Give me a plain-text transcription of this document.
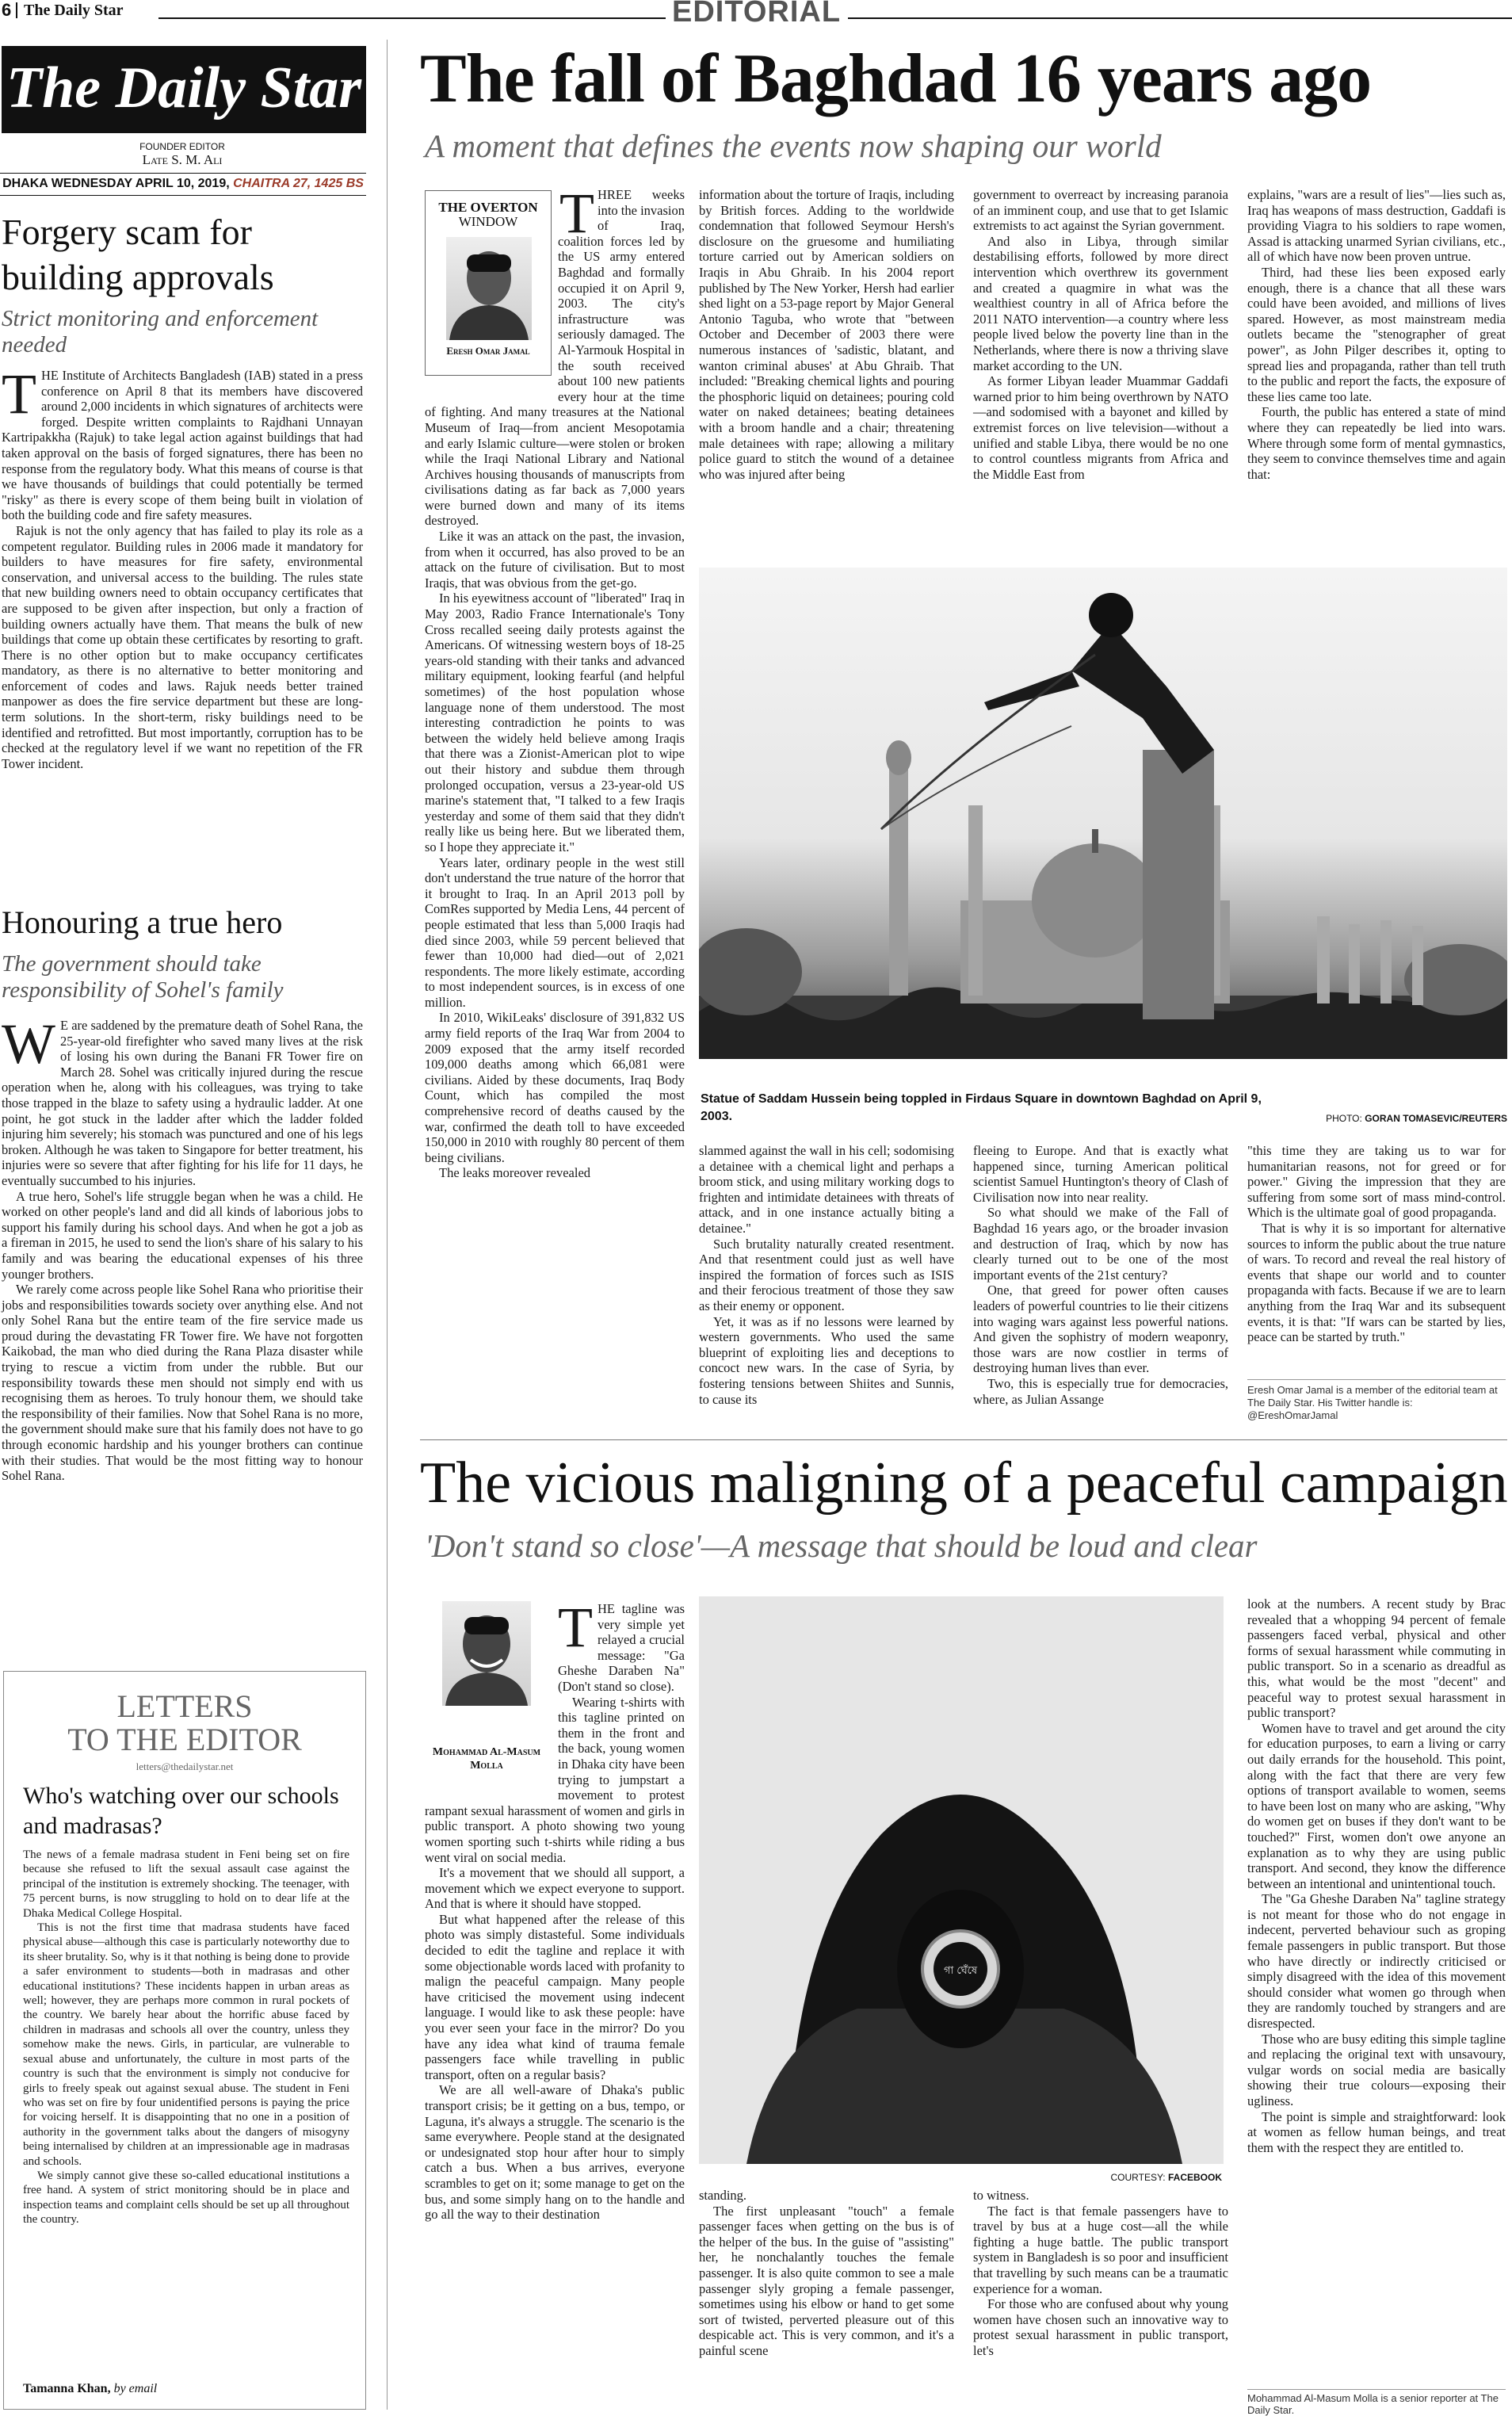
6 The Daily Star	EDITORIAL
The Daily Star
FOUNDER EDITOR
Late S. M. Ali
DHAKA WEDNESDAY APRIL 10, 2019, CHAITRA 27, 1425 BS
Forgery scam for building approvals
Strict monitoring and enforcement needed
T HE Institute of Architects Bangladesh (IAB) stated in a press conference on April 8 that its members have discovered around 2,000 incidents in which signatures of architects were forged. Despite written complaints to Rajdhani Unnayan Kartripakkha (Rajuk) to take legal action against buildings that had taken approval on the basis of forged signatures, there has been no response from the regulatory body. What this means of course is that we have thousands of buildings that could potentially be termed "risky" as there is every scope of them being built in violation of both the building code and fire safety measures.

Rajuk is not the only agency that has failed to play its role as a competent regulator. Building rules in 2006 made it mandatory for builders to have measures for fire safety, environmental conservation, and universal access to the building. The rules state that new building owners need to obtain occupancy certificates that are supposed to be given after inspection, but only a fraction of building owners actually have them. That means the bulk of new buildings that come up obtain these certificates by resorting to graft. There is no other option but to make occupancy certificates mandatory, as there is no alternative to better monitoring and enforcement of codes and laws. Rajuk needs better trained manpower as does the fire service department but these are long-term solutions. In the short-term, risky buildings need to be identified and retrofitted. But most importantly, corruption has to be checked at the regulatory level if we want no repetition of the FR Tower incident.

Honouring a true hero
The government should take responsibility of Sohel's family
W E are saddened by the premature death of Sohel Rana, the 25-year-old firefighter who saved many lives at the risk of losing his own during the Banani FR Tower fire on March 28. Sohel was critically injured during the rescue operation when he, along with his colleagues, was trying to take those trapped in the blaze to safety using a hydraulic ladder. At one point, he got stuck in the ladder after which the ladder folded injuring him severely; his stomach was punctured and one of his legs broken. Although he was taken to Singapore for better treatment, his injuries were so severe that after fighting for his life for 11 days, he eventually succumbed to his injuries.

A true hero, Sohel's life struggle began when he was a child. He worked on other people's land and did all kinds of laborious jobs to support his family during his school days. And when he got a job as a fireman in 2015, he used to send the lion's share of his salary to his family and was bearing the educational expenses of his three younger brothers.

We rarely come across people like Sohel Rana who prioritise their jobs and responsibilities towards society over anything else. And not only Sohel Rana but the entire team of the fire service made us proud during the devastating FR Tower fire. We have not forgotten Kaikobad, the man who died during the Rana Plaza disaster while trying to rescue a victim from under the rubble. But our responsibility towards these men should not simply end with us recognising them as heroes. To truly honour them, we should take the responsibility of their families. Now that Sohel Rana is no more, the government should make sure that his family does not have to go through economic hardship and his younger brothers can continue with their studies. That would be the most fitting way to honour Sohel Rana.

LETTERS
TO THE EDITOR
letters@thedailystar.net
Who's watching over our schools and madrasas?

The news of a female madrasa student in Feni being set on fire because she refused to lift the sexual assault case against the principal of the institution is extremely shocking. The teenager, with 75 percent burns, is now struggling to hold on to dear life at the Dhaka Medical College Hospital.

This is not the first time that madrasa students have faced physical abuse—although this case is particularly noteworthy due to its sheer brutality. So, why is it that nothing is being done to provide a safer environment to students—both in madrasas and other educational institutions? These incidents happen in urban areas as well; however, they are perhaps more common in rural pockets of the country. We barely hear about the horrific abuse faced by children in madrasas and schools all over the country, unless they somehow make the news. Girls, in particular, are vulnerable to sexual abuse and unfortunately, the culture in most parts of the country is such that the environment is simply not conducive for girls to freely speak out against sexual abuse. The student in Feni who was set on fire by four unidentified persons is paying the price for voicing herself. It is disappointing that no one in a position of authority in the government talks about the dangers of misogyny being internalised by children at an impressionable age in madrasas and schools.

We simply cannot give these so-called educational institutions a free hand. A system of strict monitoring should be in place and inspection teams and complaint cells should be set up all throughout the country.

Tamanna Khan, by email
The fall of Baghdad 16 years ago
A moment that defines the events now shaping our world
THE OVERTON
WINDOW
Eresh Omar Jamal
T HREE weeks into the invasion of Iraq, coalition forces led by the US army entered Baghdad and formally occupied it on April 9, 2003. The city's infrastructure was seriously damaged. The Al-Yarmouk Hospital in the south received about 100 new patients every hour at the time of fighting. And many treasures at the National Museum of Iraq—from ancient Mesopotamia and early Islamic culture—were stolen or broken while the Iraqi National Library and National Archives housing thousands of manuscripts from civilisations dating as far back as 7,000 years were burned down and many of its items destroyed.

Like it was an attack on the past, the invasion, from when it occurred, has also proved to be an attack on the future of civilisation. But to most Iraqis, that was obvious from the get-go.

In his eyewitness account of "liberated" Iraq in May 2003, Radio France Internationale's Tony Cross recalled seeing daily protests against the Americans. Of witnessing western boys of 18-25 years-old standing with their tanks and advanced military equipment, looking fearful (and helpful sometimes) of the host population whose language none of them understood. The most interesting contradiction he points to was between the widely held believe among Iraqis that there was a Zionist-American plot to wipe out their history and subdue them through prolonged occupation, versus a 23-year-old US marine's statement that, "I talked to a few Iraqis yesterday and some of them said that they didn't really like us being here. But we liberated them, so I hope they appreciate it."

Years later, ordinary people in the west still don't understand the true nature of the horror that it brought to Iraq. In an April 2013 poll by ComRes supported by Media Lens, 44 percent of people estimated that less than 5,000 Iraqis had died since 2003, while 59 percent believed that fewer than 10,000 had died—out of 2,021 respondents. The more likely estimate, according to most independent sources, is in excess of one million.

In 2010, WikiLeaks' disclosure of 391,832 US army field reports of the Iraq War from 2004 to 2009 exposed that the army itself recorded 109,000 deaths among which 66,081 were civilians. Aided by these documents, Iraq Body Count, which has compiled the most comprehensive record of deaths caused by the war, confirmed the death toll to have exceeded 150,000 in 2010 with roughly 80 percent of them being civilians.

The leaks moreover revealed

information about the torture of Iraqis, including by British forces. Adding to the worldwide condemnation that followed Seymour Hersh's disclosure on the gruesome and humiliating torture carried out by American soldiers on Iraqis in Abu Ghraib. In his 2004 report published by The New Yorker, Hersh had earlier shed light on a 53-page report by Major General Antonio Taguba, who wrote that "between October and December of 2003 there were numerous instances of 'sadistic, blatant, and wanton criminal abuses' at Abu Ghraib. That included: "Breaking chemical lights and pouring the phosphoric liquid on detainees; pouring cold water on naked detainees; beating detainees with a broom handle and a chair; threatening male detainees with rape; allowing a military police guard to stitch the wound of a detainee who was injured after being

government to overreact by increasing paranoia of an imminent coup, and use that to get Islamic extremists to act against the Syrian government.

And also in Libya, through similar destabilising efforts, followed by more direct intervention which overthrew its government and created a quagmire in what was the wealthiest country in all of Africa before the 2011 NATO intervention—a country where less people lived below the poverty line than in the Netherlands, where there is now a thriving slave market according to the UN.

As former Libyan leader Muammar Gaddafi warned prior to him being overthrown by NATO—and sodomised with a bayonet and killed by extremist forces on live television—without a unified and stable Libya, there would be no one to control countless migrants from Africa and the Middle East from

explains, "wars are a result of lies"—lies such as, Iraq has weapons of mass destruction, Gaddafi is providing Viagra to his soldiers to rape women, Assad is attacking unarmed Syrian civilians, etc., all of which have now been proven untrue.

Third, had these lies been exposed early enough, there is a chance that all these wars could have been avoided, and millions of lives spared. However, as most mainstream media outlets became the "stenographer of great power", as John Pilger describes it, opting to spread lies and propaganda, rather than tell truth to the public and report the facts, the exposure of these lies came too late.

Fourth, the public has entered a state of mind where they can repeatedly be lied into wars. Where through some form of mental gymnastics, they seem to convince themselves time and again that:

Statue of Saddam Hussein being toppled in Firdaus Square in downtown Baghdad on April 9, 2003.	PHOTO: GORAN TOMASEVIC/REUTERS

slammed against the wall in his cell; sodomising a detainee with a chemical light and perhaps a broom stick, and using military working dogs to frighten and intimidate detainees with threats of attack, and in one instance actually biting a detainee."

Such brutality naturally created resentment. And that resentment could just as well have inspired the formation of forces such as ISIS and their ferocious treatment of those they saw as their enemy or opponent.

Yet, it was as if no lessons were learned by western governments. Who used the same blueprint of exploiting lies and deceptions to concoct new wars. In the case of Syria, by fostering tensions between Shiites and Sunnis, to cause its

fleeing to Europe. And that is exactly what happened since, turning American political scientist Samuel Huntington's theory of Clash of Civilisation now into near reality.

So what should we make of the Fall of Baghdad 16 years ago, or the broader invasion and destruction of Iraq, which by now has clearly turned out to be one of the most important events of the 21st century?

One, that greed for power often causes leaders of powerful countries to lie their citizens into waging wars against less powerful nations. And given the sophistry of modern weaponry, those wars are now costlier in terms of destroying human lives than ever.

Two, this is especially true for democracies, where, as Julian Assange

"this time they are taking us to war for humanitarian reasons, not for greed or for power." Giving the impression that they are suffering from some sort of mass mind-control. Which is the ultimate goal of good propaganda.

That is why it is so important for alternative sources to inform the public about the true nature of wars. To record and reveal the real history of events that shape our world and to counter propaganda with facts. Because if we are to learn anything from the Iraq War and its subsequent events, it is that: "If wars can be started by lies, peace can be started by truth."

Eresh Omar Jamal is a member of the editorial team at The Daily Star. His Twitter handle is: @EreshOmarJamal
The vicious maligning of a peaceful campaign
'Don't stand so close'—A message that should be loud and clear
Mohammad Al-Masum Molla
T HE tagline was very simple yet relayed a crucial message: "Ga Gheshe Daraben Na" (Don't stand so close).

Wearing t-shirts with this tagline printed on them in the front and the back, young women in Dhaka city have been trying to jumpstart a movement to protest rampant sexual harassment of women and girls in public transport. A photo showing two young women sporting such t-shirts while riding a bus went viral on social media.

It's a movement that we should all support, a movement which we expect everyone to support. And that is where it should have stopped.

But what happened after the release of this photo was simply distasteful. Some individuals decided to edit the tagline and replace it with some objectionable words laced with profanity to malign the peaceful campaign. Many people have criticised the movement using indecent language. I would like to ask these people: have you ever seen your face in the mirror? Do you have any idea what kind of trauma female passengers face while travelling in public transport, often on a regular basis?

We are all well-aware of Dhaka's public transport crisis; be it getting on a bus, tempo, or Laguna, it's always a struggle. The scenario is the same everywhere. People stand at the designated or undesignated stop hour after hour to simply catch a bus. When a bus arrives, everyone scrambles to get on it; some manage to get on the bus, and some simply hang on to the handle and go all the way to their destination

গা ঘেঁষে
COURTESY: FACEBOOK

standing.

The first unpleasant "touch" a female passenger faces when getting on the bus is of the helper of the bus. In the guise of "assisting" her, he nonchalantly touches the female passenger. It is also quite common to see a male passenger slyly groping a female passenger, sometimes using his elbow or hand to get some sort of twisted, perverted pleasure out of this despicable act. This is very common, and it's a painful scene

to witness.

The fact is that female passengers have to travel by bus at a huge cost—all the while fighting a huge battle. The public transport system in Bangladesh is so poor and insufficient that travelling by such means can be a traumatic experience for a woman.

For those who are confused about why young women have chosen such an innovative way to protest sexual harassment in public transport, let's

look at the numbers. A recent study by Brac revealed that a whopping 94 percent of female passengers faced verbal, physical and other forms of sexual harassment while commuting in public transport. So in a scenario as dreadful as this, what would be the most "decent" and peaceful way to protest sexual harassment in public transport?

Women have to travel and get around the city for education purposes, to earn a living or carry out daily errands for the household. This point, along with the fact that there are very few options of transport available to women, seems to have been lost on many who are asking, "Why do women get on buses if they don't want to be touched?" First, women don't owe anyone an explanation as to why they are using public transport. And second, they know the difference between an intentional and unintentional touch.

The "Ga Gheshe Daraben Na" tagline strategy is not meant for those who do not engage in indecent, perverted behaviour such as groping female passengers in public transport. But those who have directly or indirectly criticised or simply disagreed with the idea of this movement should consider what women go through when they are randomly touched by strangers and are disrespected.

Those who are busy editing this simple tagline and replacing the original text with unsavoury, vulgar words on social media are basically showing their true colours—exposing their ugliness.

The point is simple and straightforward: look at women as fellow human beings, and treat them with the respect they are entitled to.

Mohammad Al-Masum Molla is a senior reporter at The Daily Star.
